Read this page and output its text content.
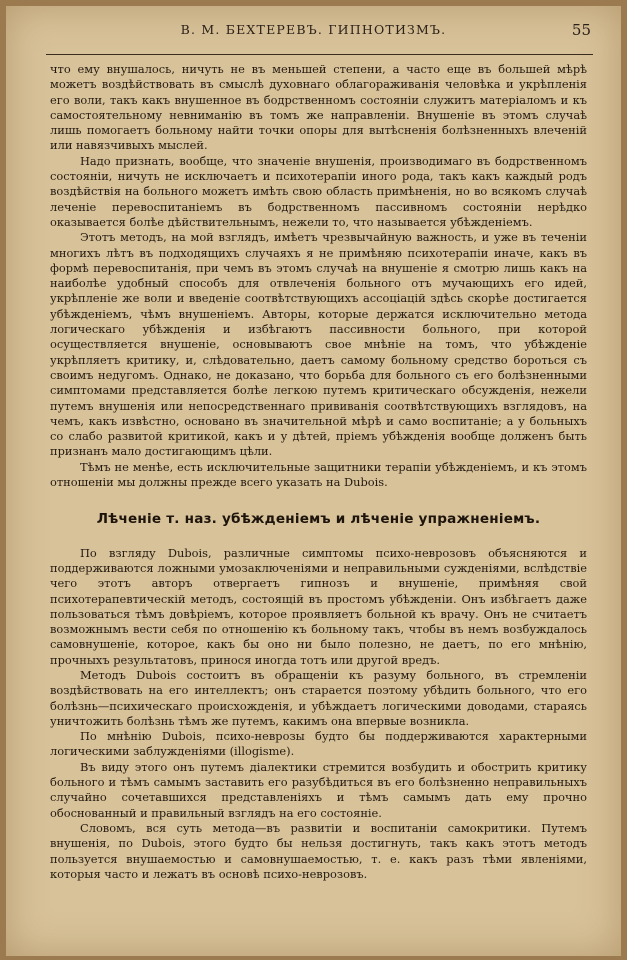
В. М. БЕХТЕРЕВЪ. ГИПНОТИЗМЪ.	55

что ему внушалось, ничуть не въ меньшей степени, а часто еще въ большей мѣрѣ можетъ воздѣйствовать въ смыслѣ духовнаго облагораживанія человѣка и укрѣпленія его воли, такъ какъ внушенное въ бодрственномъ состояніи служитъ матеріаломъ и къ самостоятельному невниманію въ томъ же направленіи. Внушеніе въ этомъ случаѣ лишь помогаетъ больному найти точки опоры для вытѣсненія болѣзненныхъ влеченій или навязчивыхъ мыслей.

Надо признать, вообще, что значеніе внушенія, производимаго въ бодрственномъ состояніи, ничуть не исключаетъ и психотерапіи иного рода, такъ какъ каждый родъ воздѣйствія на больного можетъ имѣть свою область примѣненія, но во всякомъ случаѣ леченіе перевоспитаніемъ въ бодрственномъ пассивномъ состояніи нерѣдко оказывается болѣе дѣйствительнымъ, нежели то, что называется убѣжденіемъ.

Этотъ методъ, на мой взглядъ, имѣетъ чрезвычайную важность, и уже въ теченіи многихъ лѣтъ въ подходящихъ случаяхъ я не примѣняю психотерапіи иначе, какъ въ формѣ перевоспитанія, при чемъ въ этомъ случаѣ на внушеніе я смотрю лишь какъ на наиболѣе удобный способъ для отвлеченія больного отъ мучающихъ его идей, укрѣпленіе же воли и введеніе соотвѣтствующихъ ассоціацій здѣсь скорѣе достигается убѣжденіемъ, чѣмъ внушеніемъ. Авторы, которые держатся исключительно метода логическаго убѣжденія и избѣгаютъ пассивности больного, при которой осуществляется внушеніе, основываютъ свое мнѣніе на томъ, что убѣжденіе укрѣпляетъ критику, и, слѣдовательно, даетъ самому больному средство бороться съ своимъ недугомъ. Однако, не доказано, что борьба для больного съ его болѣзненными симптомами представляется болѣе легкою путемъ критическаго обсужденія, нежели путемъ внушенія или непосредственнаго прививанія соотвѣтствующихъ взглядовъ, на чемъ, какъ извѣстно, основано въ значительной мѣрѣ и само воспитаніе; а у больныхъ со слабо развитой критикой, какъ и у дѣтей, пріемъ убѣжденія вообще долженъ быть признанъ мало достигающимъ цѣли.

Тѣмъ не менѣе, есть исключительные защитники терапіи убѣжденіемъ, и къ этомъ отношеніи мы должны прежде всего указать на Dubois.

Лѣченіе т. наз. убѣжденіемъ и лѣченіе упражненіемъ.

По взгляду Dubois, различные симптомы психо-неврозовъ объясняются и поддерживаются ложными умозаключеніями и неправильными сужденіями, вслѣдствіе чего этотъ авторъ отвергаетъ гипнозъ и внушеніе, примѣняя свой психотерапевтическій методъ, состоящій въ простомъ убѣжденіи. Онъ избѣгаетъ даже пользоваться тѣмъ довѣріемъ, которое проявляетъ больной къ врачу. Онъ не считаетъ возможнымъ вести себя по отношенію къ больному такъ, чтобы въ немъ возбуждалось самовнушеніе, которое, какъ бы оно ни было полезно, не даетъ, по его мнѣнію, прочныхъ результатовъ, принося иногда тотъ или другой вредъ.

Методъ Dubois состоитъ въ обращеніи къ разуму больного, въ стремленіи воздѣйствовать на его интеллектъ; онъ старается поэтому убѣдить больного, что его болѣзнь—психическаго происхожденія, и убѣждаетъ логическими доводами, стараясь уничтожить болѣзнь тѣмъ же путемъ, какимъ она впервые возникла.

По мнѣнію Dubois, психо-неврозы будто бы поддерживаются характерными логическими заблужденіями (illogisme).

Въ виду этого онъ путемъ діалектики стремится возбудить и обострить критику больного и тѣмъ самымъ заставить его разубѣдиться въ его болѣзненно неправильныхъ случайно сочетавшихся представленіяхъ и тѣмъ самымъ дать ему прочно обоснованный и правильный взглядъ на его состояніе.

Словомъ, вся суть метода—въ развитіи и воспитаніи самокритики. Путемъ внушенія, по Dubois, этого будто бы нельзя достигнуть, такъ какъ этотъ методъ пользуется внушаемостью и самовнушаемостью, т. е. какъ разъ тѣми явленіями, которыя часто и лежатъ въ основѣ психо-неврозовъ.
